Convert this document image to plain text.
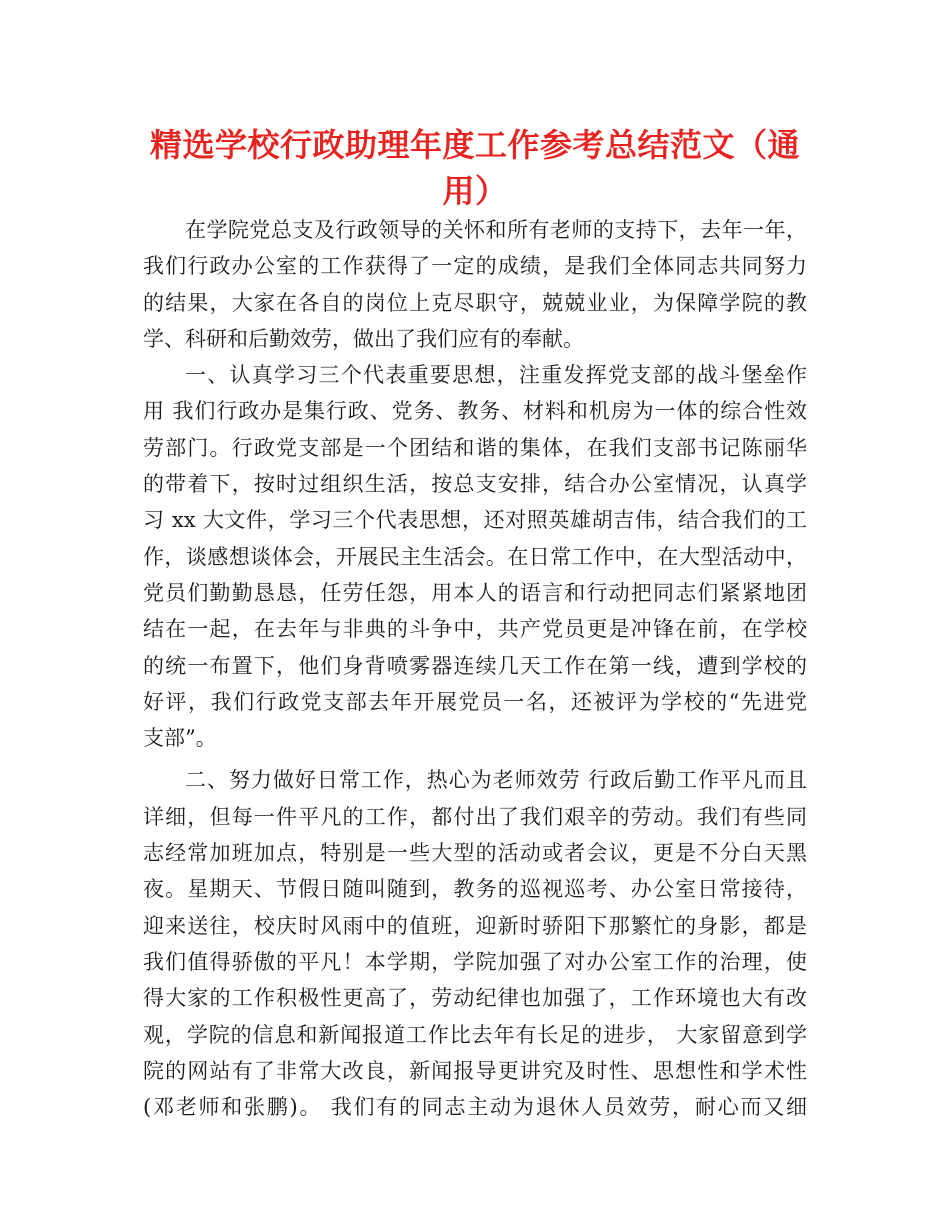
精选学校行政助理年度工作参考总结范文（通
用）
在学院党总支及行政领导的关怀和所有老师的支持下，去年一年，
我们行政办公室的工作获得了一定的成绩，是我们全体同志共同努力
的结果，大家在各自的岗位上克尽职守，兢兢业业，为保障学院的教
学、科研和后勤效劳，做出了我们应有的奉献。
一、认真学习三个代表重要思想，注重发挥党支部的战斗堡垒作
用 我们行政办是集行政、党务、教务、材料和机房为一体的综合性效
劳部门。行政党支部是一个团结和谐的集体，在我们支部书记陈丽华
的带着下，按时过组织生活，按总支安排，结合办公室情况，认真学
习 xx 大文件，学习三个代表思想，还对照英雄胡吉伟，结合我们的工
作，谈感想谈体会，开展民主生活会。在日常工作中，在大型活动中，
党员们勤勤恳恳，任劳任怨，用本人的语言和行动把同志们紧紧地团
结在一起，在去年与非典的斗争中，共产党员更是冲锋在前，在学校
的统一布置下，他们身背喷雾器连续几天工作在第一线，遭到学校的
好评，我们行政党支部去年开展党员一名，还被评为学校的“先进党
支部”。
二、努力做好日常工作，热心为老师效劳 行政后勤工作平凡而且
详细，但每一件平凡的工作，都付出了我们艰辛的劳动。我们有些同
志经常加班加点，特别是一些大型的活动或者会议，更是不分白天黑
夜。星期天、节假日随叫随到，教务的巡视巡考、办公室日常接待，
迎来送往，校庆时风雨中的值班，迎新时骄阳下那繁忙的身影，都是
我们值得骄傲的平凡！本学期，学院加强了对办公室工作的治理，使
得大家的工作积极性更高了，劳动纪律也加强了，工作环境也大有改
观，学院的信息和新闻报道工作比去年有长足的进步， 大家留意到学
院的网站有了非常大改良，新闻报导更讲究及时性、思想性和学术性
(邓老师和张鹏)。 我们有的同志主动为退休人员效劳，耐心而又细
